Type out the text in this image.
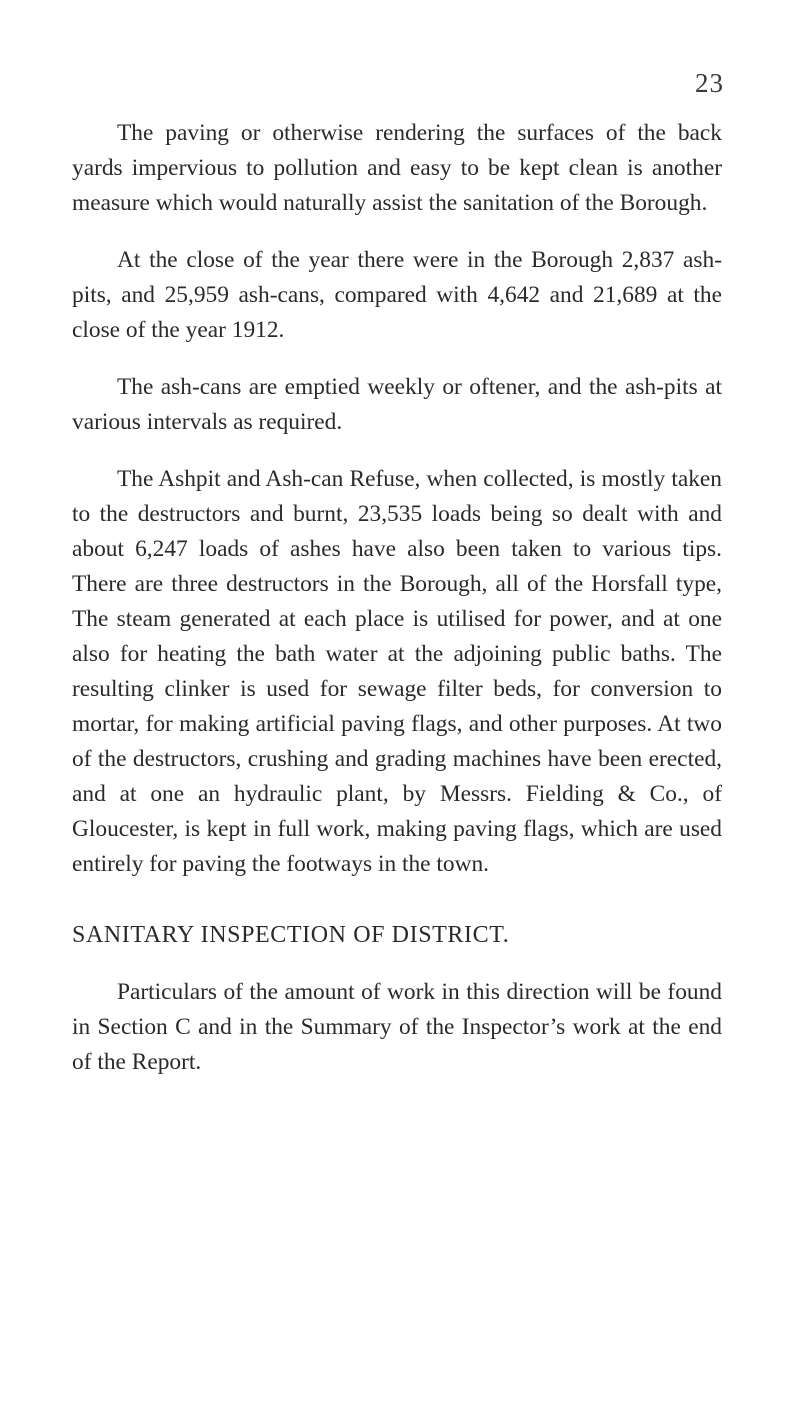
23

The paving or otherwise rendering the surfaces of the back yards impervious to pollution and easy to be kept clean is another measure which would naturally assist the sanitation of the Borough.

At the close of the year there were in the Borough 2,837 ash-pits, and 25,959 ash-cans, compared with 4,642 and 21,689 at the close of the year 1912.

The ash-cans are emptied weekly or oftener, and the ash-pits at various intervals as required.

The Ashpit and Ash-can Refuse, when collected, is mostly taken to the destructors and burnt, 23,535 loads being so dealt with and about 6,247 loads of ashes have also been taken to various tips. There are three destructors in the Borough, all of the Horsfall type, The steam generated at each place is utilised for power, and at one also for heating the bath water at the adjoining public baths. The resulting clinker is used for sewage filter beds, for conversion to mortar, for making artificial paving flags, and other purposes. At two of the destructors, crushing and grading machines have been erected, and at one an hydraulic plant, by Messrs. Fielding & Co., of Gloucester, is kept in full work, making paving flags, which are used entirely for paving the footways in the town.

SANITARY INSPECTION OF DISTRICT.

Particulars of the amount of work in this direction will be found in Section C and in the Summary of the Inspector’s work at the end of the Report.
